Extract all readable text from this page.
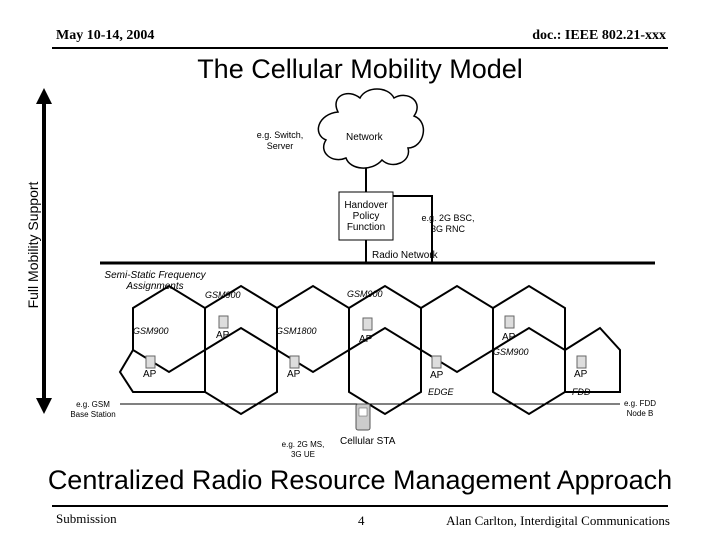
May 10-14, 2004	doc.: IEEE 802.21-xxx
The Cellular Mobility Model
Full Mobility Support
e.g. Switch,
Server
Network
Handover
Policy
Function
e.g. 2G BSC,
3G RNC
Radio Network
Semi-Static Frequency
Assignments
GSM900	GSM900
GSM900	GSM1800
GSM900
EDGE	FDD
AP	AP	AP
AP	AP	AP	AP
e.g. GSM
Base Station
e.g. FDD
Node B
e.g. 2G MS,
3G UE
Cellular STA
Centralized Radio Resource Management Approach
Submission	4	Alan Carlton, Interdigital Communications
